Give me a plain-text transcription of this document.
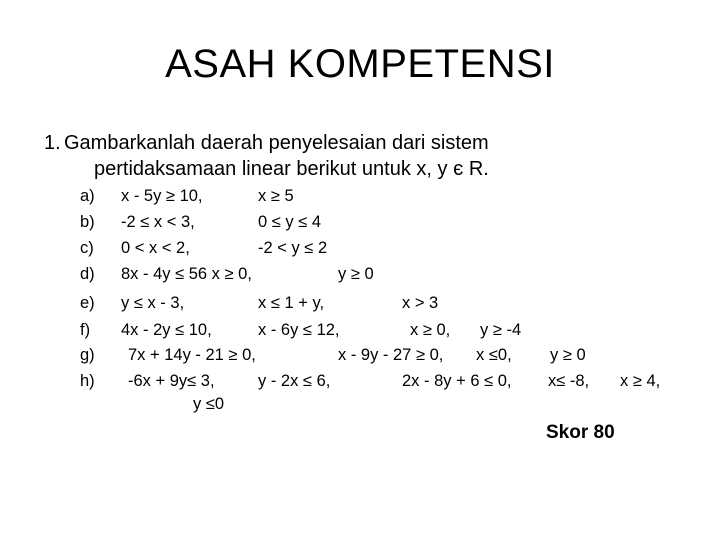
ASAH KOMPETENSI
1. Gambarkanlah daerah penyelesaian dari sistem
pertidaksamaan linear berikut untuk x, y є R.
a) x - 5y ≥ 10,	x ≥ 5
b) -2 ≤ x < 3,	0 ≤ y ≤ 4
c) 0 < x < 2,	-2 < y ≤ 2
d) 8x - 4y ≤ 56 x ≥ 0,	y ≥ 0
e) y ≤ x - 3,	x ≤ 1 + y,	x > 3
f) 4x - 2y ≤ 10,	x - 6y ≤ 12,	x ≥ 0, y ≥ -4
g) 7x + 14y - 21 ≥ 0,	x - 9y - 27 ≥ 0, x ≤0, y ≥ 0
h) -6x + 9y≤ 3,	y - 2x ≤ 6,	2x - 8y + 6 ≤ 0, x≤ -8, x ≥ 4,
y ≤0
Skor 80
